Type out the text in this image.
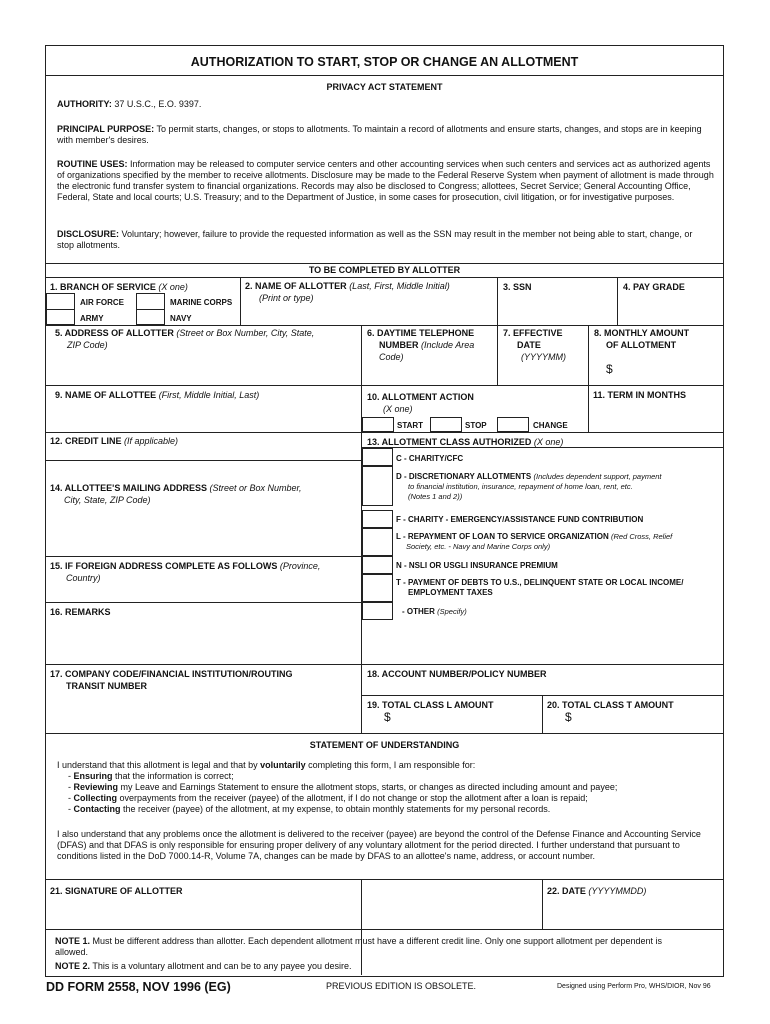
AUTHORIZATION TO START, STOP OR CHANGE AN ALLOTMENT
PRIVACY ACT STATEMENT

AUTHORITY: 37 U.S.C., E.O. 9397.

PRINCIPAL PURPOSE: To permit starts, changes, or stops to allotments. To maintain a record of allotments and ensure starts, changes, and stops are in keeping with member's desires.

ROUTINE USES: Information may be released to computer service centers and other accounting services when such centers and services act as authorized agents of organizations specified by the member to receive allotments. Disclosure may be made to the Federal Reserve System when payment of allotment is made through the electronic fund transfer system to financial organizations. Records may also be disclosed to Congress; allottees, Secret Service; General Accounting Office, Federal, State and local courts; U.S. Treasury; and to the Department of Justice, in some cases for prosecution, civil litigation, or for investigative purposes.

DISCLOSURE: Voluntary; however, failure to provide the requested information as well as the SSN may result in the member not being able to start, change, or stop allotments.

TO BE COMPLETED BY ALLOTTER
1. BRANCH OF SERVICE (X one)
AIR FORCE	MARINE CORPS
ARMY	NAVY
2. NAME OF ALLOTTER (Last, First, Middle Initial)
(Print or type)
3. SSN	4. PAY GRADE
5. ADDRESS OF ALLOTTER (Street or Box Number, City, State,
ZIP Code)
6. DAYTIME TELEPHONE
NUMBER (Include Area
Code)
7. EFFECTIVE
DATE
(YYYYMM)
8. MONTHLY AMOUNT
OF ALLOTMENT
$
9. NAME OF ALLOTTEE (First, Middle Initial, Last)	10. ALLOTMENT ACTION
(X one)
11. TERM IN MONTHS
START	STOP	CHANGE
12. CREDIT LINE (If applicable)
14. ALLOTTEE'S MAILING ADDRESS (Street or Box Number,
City, State, ZIP Code)
15. IF FOREIGN ADDRESS COMPLETE AS FOLLOWS (Province,
Country)
16. REMARKS
13. ALLOTMENT CLASS AUTHORIZED (X one)
C - CHARITY/CFC
D - DISCRETIONARY ALLOTMENTS (Includes dependent support, payment
to financial institution, insurance, repayment of home loan, rent, etc.
(Notes 1 and 2))
F - CHARITY - EMERGENCY/ASSISTANCE FUND CONTRIBUTION
L - REPAYMENT OF LOAN TO SERVICE ORGANIZATION (Red Cross, Relief
Society, etc. - Navy and Marine Corps only)
N - NSLI OR USGLI INSURANCE PREMIUM
T - PAYMENT OF DEBTS TO U.S., DELINQUENT STATE OR LOCAL INCOME/
EMPLOYMENT TAXES
- OTHER (Specify)
17. COMPANY CODE/FINANCIAL INSTITUTION/ROUTING
TRANSIT NUMBER
18. ACCOUNT NUMBER/POLICY NUMBER
19. TOTAL CLASS L AMOUNT
$
20. TOTAL CLASS T AMOUNT
$
STATEMENT OF UNDERSTANDING

I understand that this allotment is legal and that by voluntarily completing this form, I am responsible for:

- Ensuring that the information is correct;
- Reviewing my Leave and Earnings Statement to ensure the allotment stops, starts, or changes as directed including amount and payee;
- Collecting overpayments from the receiver (payee) of the allotment, if I do not change or stop the allotment after a loan is repaid;
- Contacting the receiver (payee) of the allotment, at my expense, to obtain monthly statements for my personal records.

I also understand that any problems once the allotment is delivered to the receiver (payee) are beyond the control of the Defense Finance and Accounting Service (DFAS) and that DFAS is only responsible for ensuring proper delivery of any voluntary allotment for the period directed. I further understand that pursuant to conditions listed in the DoD 7000.14-R, Volume 7A, changes can be made by DFAS to an allottee's name, address, or account number.

21. SIGNATURE OF ALLOTTER	22. DATE (YYYYMMDD)

NOTE 1. Must be different address than allotter. Each dependent allotment must have a different credit line. Only one support allotment per dependent is allowed.

NOTE 2. This is a voluntary allotment and can be to any payee you desire.

DD FORM 2558, NOV 1996 (EG)	PREVIOUS EDITION IS OBSOLETE.	Designed using Perform Pro, WHS/DIOR, Nov 96
